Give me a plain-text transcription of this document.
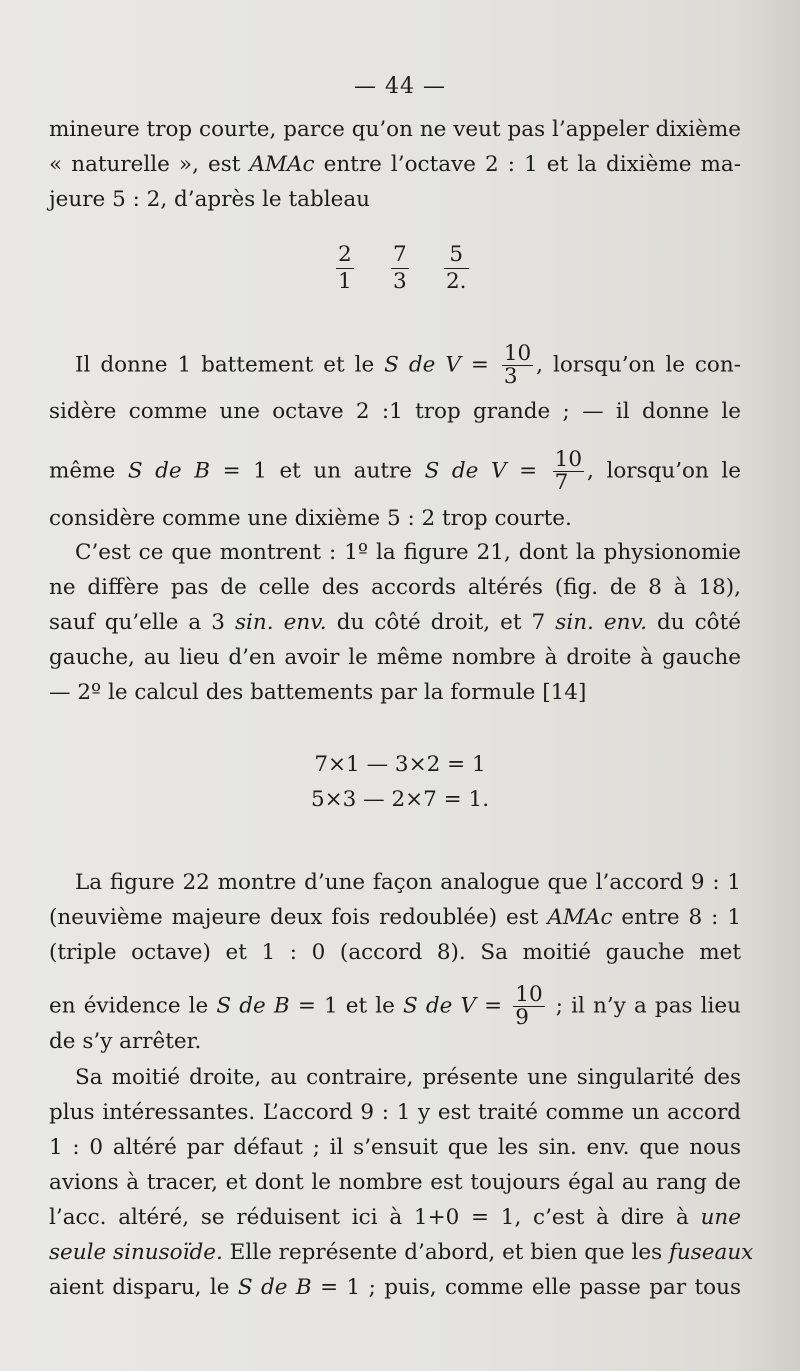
— 44 —
mineure trop courte, parce qu’on ne veut pas l’appeler dixième
« naturelle », est AMAc entre l’octave 2 : 1 et la dixième ma-
jeure 5 : 2, d’après le tableau
$\frac{2}{1} \frac{7}{3} \frac{5}{2.}$
Il donne 1 battement et le S de $V = \frac{10}{3}$ , lorsqu’on le con-
sidère comme une octave 2 :1 trop grande ; — il donne le
même S de B = 1 et un autre S de $V = \frac{10}{7}$ , lorsqu’on le
considère comme une dixième 5 : 2 trop courte.
C’est ce que montrent : 1º la figure 21, dont la physionomie
ne diffère pas de celle des accords altérés (fig. de 8 à 18),
sauf qu’elle a 3 sin. env. du côté droit, et 7 sin. env. du côté
gauche, au lieu d’en avoir le même nombre à droite à gauche
— 2º le calcul des battements par la formule [14]
7×1 — 3×2 = 1
5×3 — 2×7 = 1.
La figure 22 montre d’une façon analogue que l’accord 9 : 1
(neuvième majeure deux fois redoublée) est AMAc entre 8 : 1
(triple octave) et 1 : 0 (accord 8). Sa moitié gauche met
en évidence le S de B = 1 et le S de $V = \frac{10}{9}$ ; il n’y a pas lieu
de s’y arrêter.
Sa moitié droite, au contraire, présente une singularité des
plus intéressantes. L’accord 9 : 1 y est traité comme un accord
1 : 0 altéré par défaut ; il s’ensuit que les sin. env. que nous
avions à tracer, et dont le nombre est toujours égal au rang de
l’acc. altéré, se réduisent ici à 1+0 = 1, c’est à dire à une
seule sinusoïde. Elle représente d’abord, et bien que les fuseaux
aient disparu, le S de B = 1 ; puis, comme elle passe par tous
